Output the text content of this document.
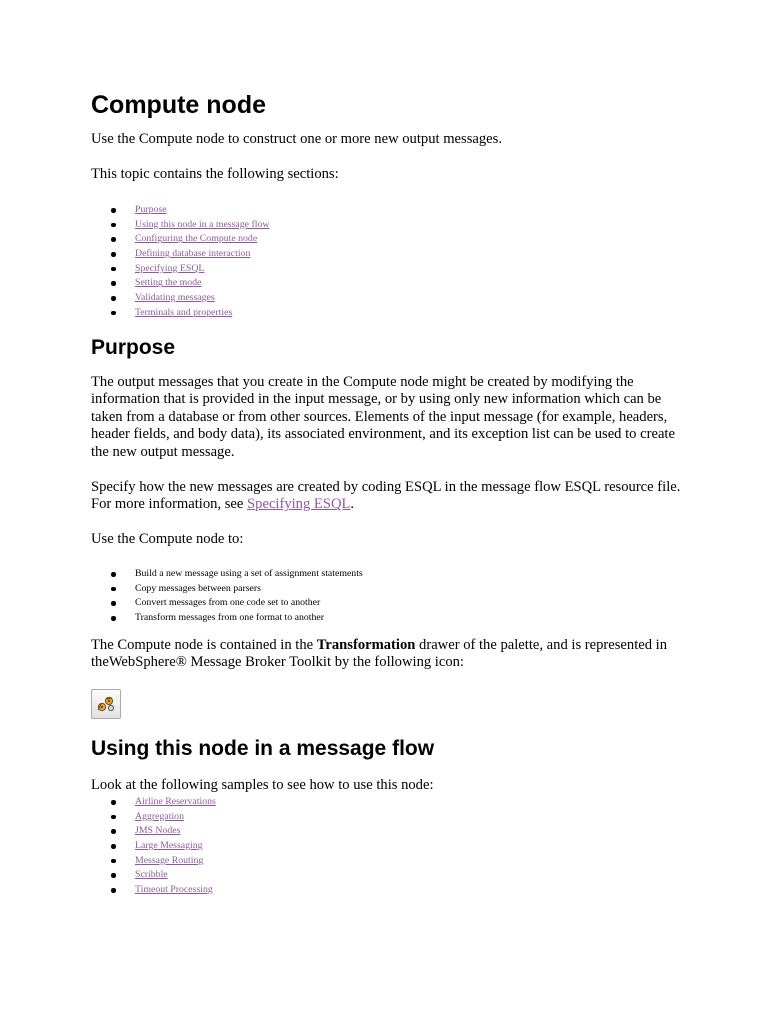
Compute node

Use the Compute node to construct one or more new output messages.

This topic contains the following sections:

Purpose
Using this node in a message flow
Configuring the Compute node
Defining database interaction
Specifying ESQL
Setting the mode
Validating messages
Terminals and properties
Purpose

The output messages that you create in the Compute node might be created by modifying the information that is provided in the input message, or by using only new information which can be taken from a database or from other sources. Elements of the input message (for example, headers, header fields, and body data), its associated environment, and its exception list can be used to create the new output message.

Specify how the new messages are created by coding ESQL in the message flow ESQL resource file. For more information, see Specifying ESQL.

Use the Compute node to:

Build a new message using a set of assignment statements
Copy messages between parsers
Convert messages from one code set to another
Transform messages from one format to another

The Compute node is contained in the Transformation drawer of the palette, and is represented in theWebSphere® Message Broker Toolkit by the following icon:

Using this node in a message flow

Look at the following samples to see how to use this node:

Airline Reservations
Aggregation
JMS Nodes
Large Messaging
Message Routing
Scribble
Timeout Processing
